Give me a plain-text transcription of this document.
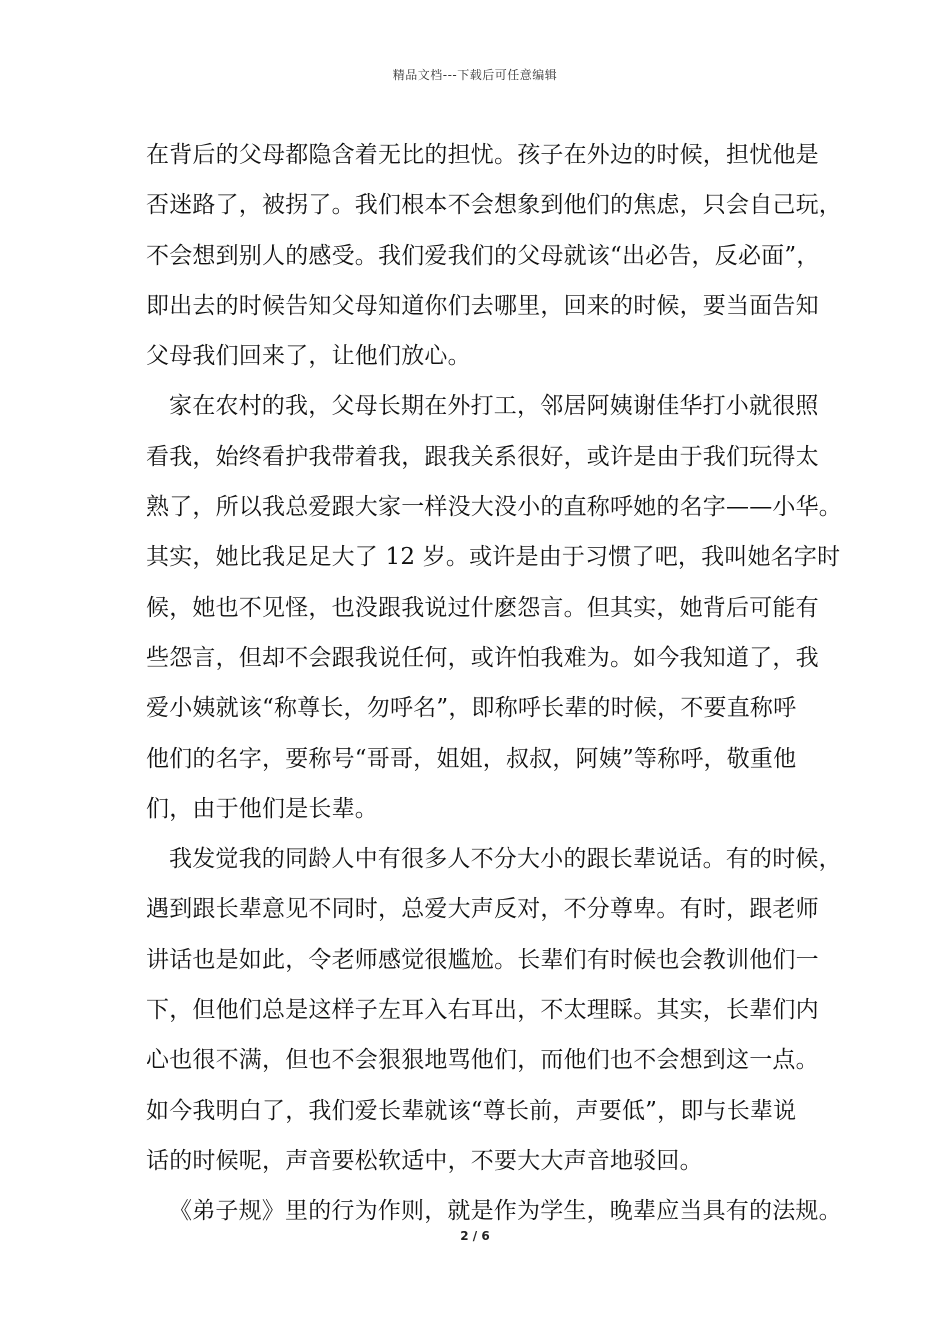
精品文档---下载后可任意编辑
在背后的父母都隐含着无比的担忧。孩子在外边的时候，担忧他是
否迷路了，被拐了。我们根本不会想象到他们的焦虑，只会自己玩，
不会想到别人的感受。我们爱我们的父母就该“出必告，反必面”，
即出去的时候告知父母知道你们去哪里，回来的时候，要当面告知
父母我们回来了，让他们放心。
家在农村的我，父母长期在外打工，邻居阿姨谢佳华打小就很照
看我，始终看护我带着我，跟我关系很好，或许是由于我们玩得太
熟了，所以我总爱跟大家一样没大没小的直称呼她的名字——小华。
其实，她比我足足大了 12 岁。或许是由于习惯了吧，我叫她名字时
候，她也不见怪，也没跟我说过什麽怨言。但其实，她背后可能有
些怨言，但却不会跟我说任何，或许怕我难为。如今我知道了，我
爱小姨就该“称尊长，勿呼名”，即称呼长辈的时候，不要直称呼
他们的名字，要称号“哥哥，姐姐，叔叔，阿姨”等称呼，敬重他
们，由于他们是长辈。
我发觉我的同龄人中有很多人不分大小的跟长辈说话。有的时候，
遇到跟长辈意见不同时，总爱大声反对，不分尊卑。有时，跟老师
讲话也是如此，令老师感觉很尴尬。长辈们有时候也会教训他们一
下，但他们总是这样子左耳入右耳出，不太理睬。其实，长辈们内
心也很不满，但也不会狠狠地骂他们，而他们也不会想到这一点。
如今我明白了，我们爱长辈就该“尊长前，声要低”，即与长辈说
话的时候呢，声音要松软适中，不要大大声音地驳回。
《弟子规》里的行为作则，就是作为学生，晚辈应当具有的法规。
2 / 6
